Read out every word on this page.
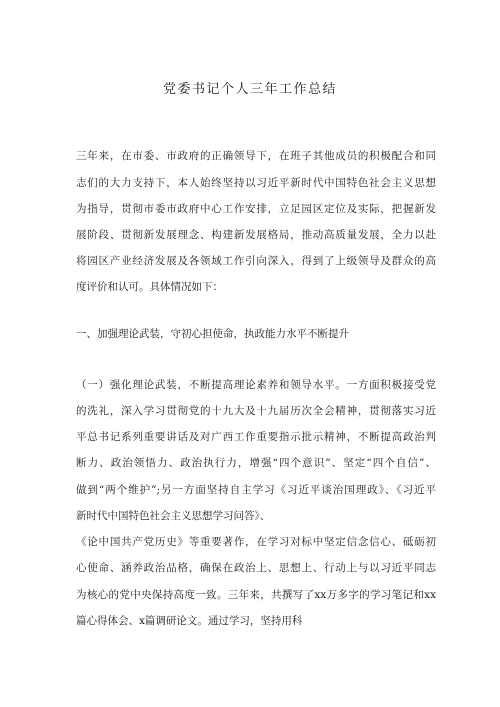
党委书记个人三年工作总结
三年来，在市委、市政府的正确领导下，在班子其他成员的积极配合和同
志们的大力支持下，本人始终坚持以习近平新时代中国特色社会主义思想
为指导，贯彻市委市政府中心工作安排，立足园区定位及实际，把握新发
展阶段、贯彻新发展理念、构建新发展格局，推动高质量发展，全力以赴
将园区产业经济发展及各领域工作引向深入，得到了上级领导及群众的高
度评价和认可。具体情况如下：
一、加强理论武装，守初心担使命，执政能力水平不断提升
（一）强化理论武装，不断提高理论素养和领导水平。一方面积极接受党
的洗礼，深入学习贯彻党的十九大及十九届历次全会精神，贯彻落实习近
平总书记系列重要讲话及对广西工作重要指示批示精神，不断提高政治判
断力、政治领悟力、政治执行力，增强“四个意识”、坚定“四个自信”、
做到“两个维护”;另一方面坚持自主学习《习近平谈治国理政》、《习近平
新时代中国特色社会主义思想学习问答》、
《论中国共产党历史》等重要著作，在学习对标中坚定信念信心、砥砺初
心使命、涵养政治品格，确保在政治上、思想上、行动上与以习近平同志
为核心的党中央保持高度一致。三年来，共撰写了xx万多字的学习笔记和xx
篇心得体会、x篇调研论文。通过学习，坚持用科
